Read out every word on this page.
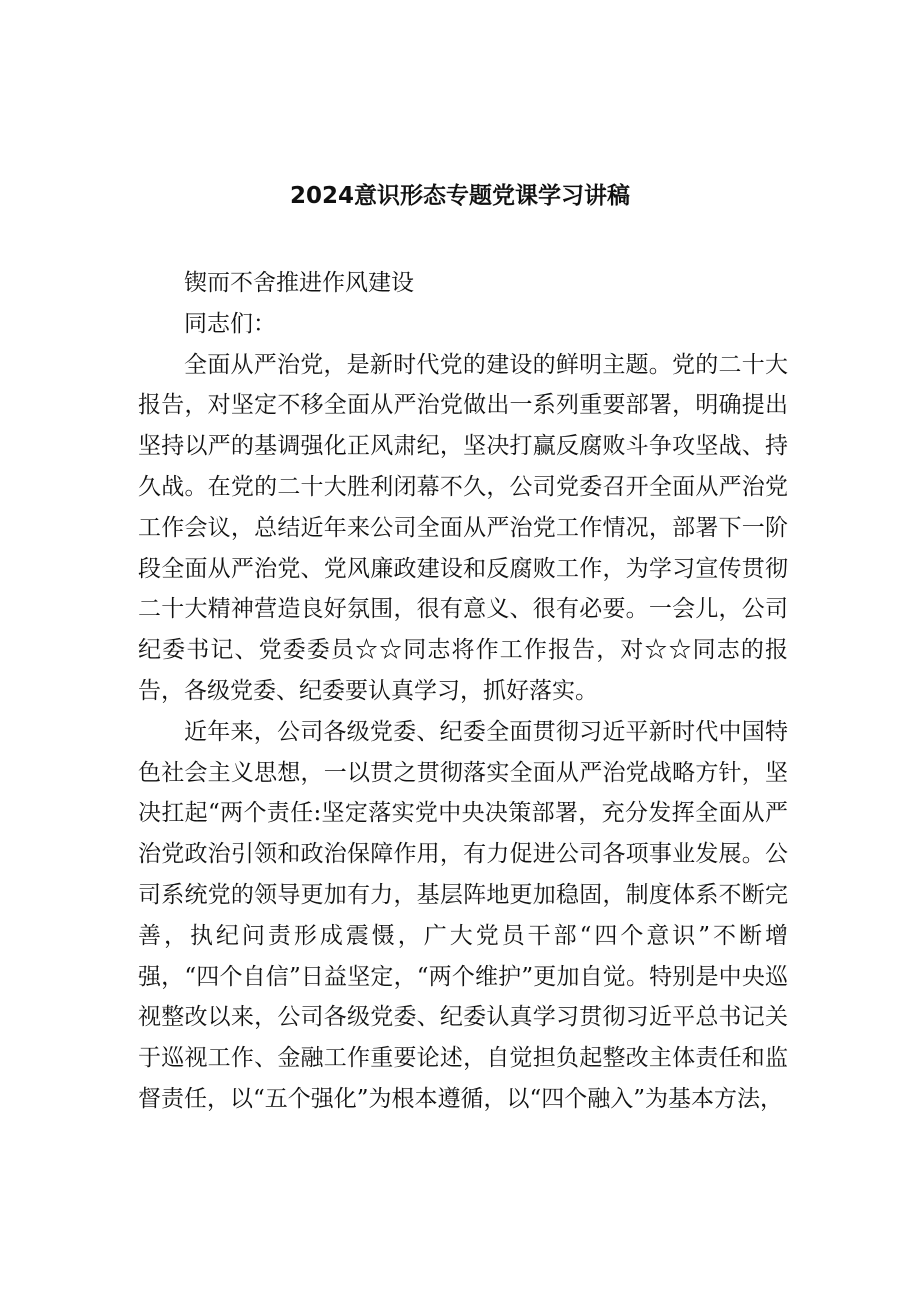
2024意识形态专题党课学习讲稿

锲而不舍推进作风建设

同志们：

全面从严治党，是新时代党的建设的鲜明主题。党的二十大报告，对坚定不移全面从严治党做出一系列重要部署，明确提出坚持以严的基调强化正风肃纪，坚决打赢反腐败斗争攻坚战、持久战。在党的二十大胜利闭幕不久，公司党委召开全面从严治党工作会议，总结近年来公司全面从严治党工作情况，部署下一阶段全面从严治党、党风廉政建设和反腐败工作，为学习宣传贯彻二十大精神营造良好氛围，很有意义、很有必要。一会儿，公司纪委书记、党委委员☆☆同志将作工作报告，对☆☆同志的报告，各级党委、纪委要认真学习，抓好落实。

近年来，公司各级党委、纪委全面贯彻习近平新时代中国特色社会主义思想，一以贯之贯彻落实全面从严治党战略方针，坚决扛起“两个责任:坚定落实党中央决策部署，充分发挥全面从严治党政治引领和政治保障作用，有力促进公司各项事业发展。公司系统党的领导更加有力，基层阵地更加稳固，制度体系不断完善，执纪问责形成震慑，广大党员干部“四个意识”不断增强，“四个自信”日益坚定，“两个维护”更加自觉。特别是中央巡视整改以来，公司各级党委、纪委认真学习贯彻习近平总书记关于巡视工作、金融工作重要论述，自觉担负起整改主体责任和监督责任，以“五个强化”为根本遵循，以“四个融入”为基本方法，
